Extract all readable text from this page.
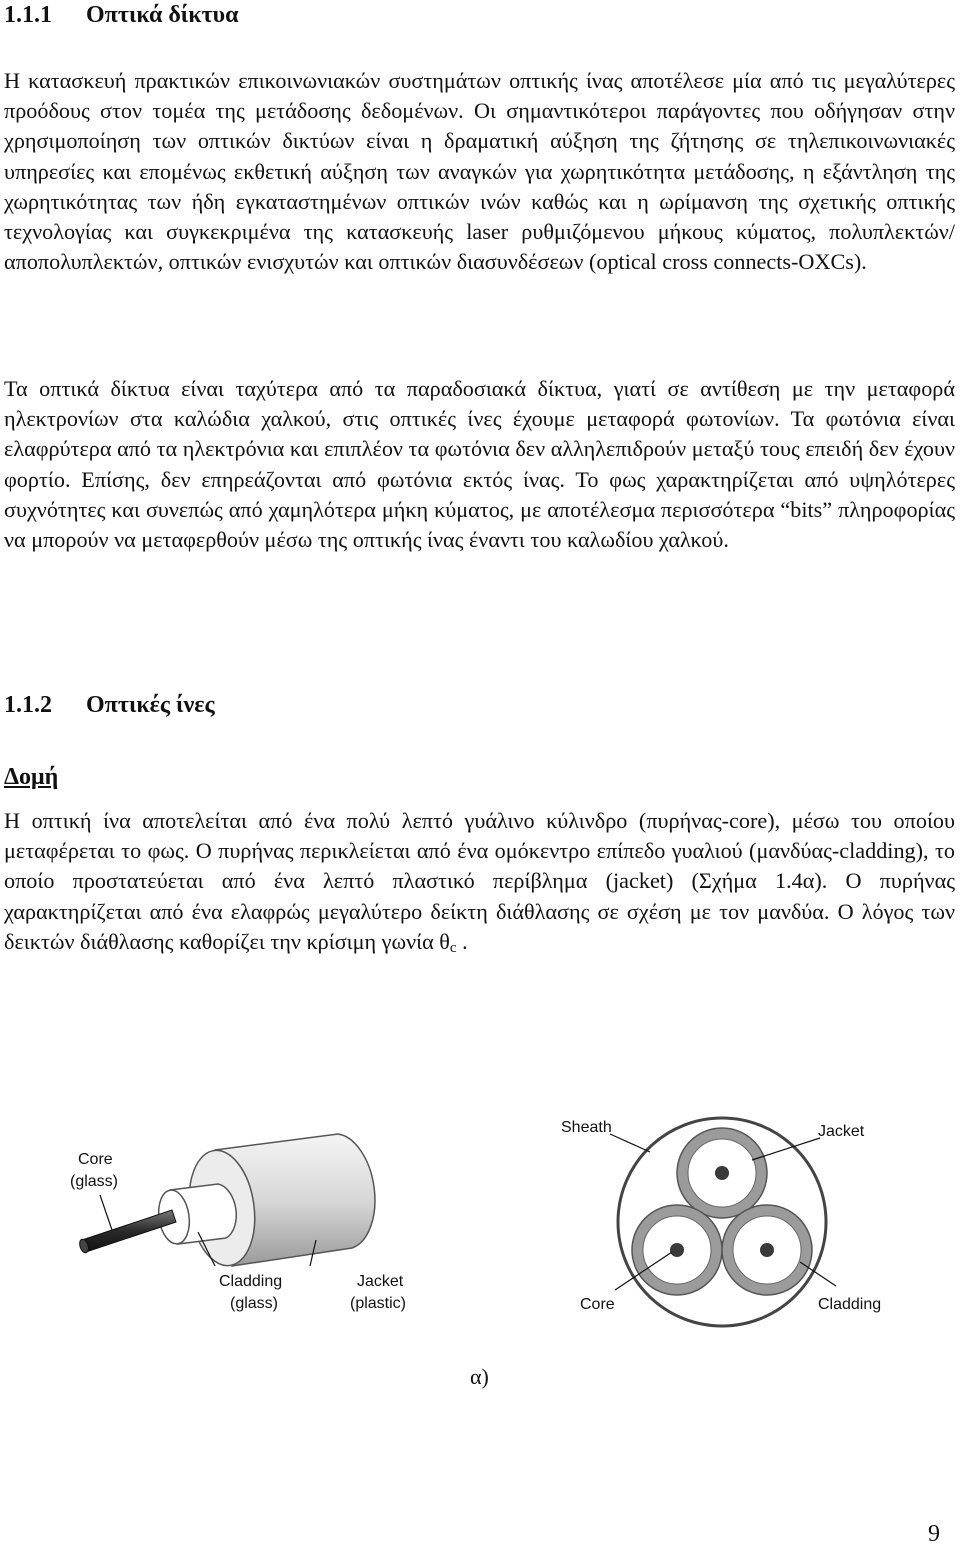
1.1.1 Οπτικά δίκτυα

Η κατασκευή πρακτικών επικοινωνιακών συστημάτων οπτικής ίνας αποτέλεσε μία από τις μεγαλύτερες προόδους στον τομέα της μετάδοσης δεδομένων. Οι σημαντικότεροι παράγοντες που οδήγησαν στην χρησιμοποίηση των οπτικών δικτύων είναι η δραματική αύξηση της ζήτησης σε τηλεπικοινωνιακές υπηρεσίες και επομένως εκθετική αύξηση των αναγκών για χωρητικότητα μετάδοσης, η εξάντληση της χωρητικότητας των ήδη εγκαταστημένων οπτικών ινών καθώς και η ωρίμανση της σχετικής οπτικής τεχνολογίας και συγκεκριμένα της κατασκευής laser ρυθμιζόμενου μήκους κύματος, πολυπλεκτών/αποπολυπλεκτών, οπτικών ενισχυτών και οπτικών διασυνδέσεων (optical cross connects-OXCs).

Τα οπτικά δίκτυα είναι ταχύτερα από τα παραδοσιακά δίκτυα, γιατί σε αντίθεση με την μεταφορά ηλεκτρονίων στα καλώδια χαλκού, στις οπτικές ίνες έχουμε μεταφορά φωτονίων. Τα φωτόνια είναι ελαφρύτερα από τα ηλεκτρόνια και επιπλέον τα φωτόνια δεν αλληλεπιδρούν μεταξύ τους επειδή δεν έχουν φορτίο. Επίσης, δεν επηρεάζονται από φωτόνια εκτός ίνας. Το φως χαρακτηρίζεται από υψηλότερες συχνότητες και συνεπώς από χαμηλότερα μήκη κύματος, με αποτέλεσμα περισσότερα “bits” πληροφορίας να μπορούν να μεταφερθούν μέσω της οπτικής ίνας έναντι του καλωδίου χαλκού.

1.1.2 Οπτικές ίνες
Δομή

Η οπτική ίνα αποτελείται από ένα πολύ λεπτό γυάλινο κύλινδρο (πυρήνας-core), μέσω του οποίου μεταφέρεται το φως. Ο πυρήνας περικλείεται από ένα ομόκεντρο επίπεδο γυαλιού (μανδύας-cladding), το οποίο προστατεύεται από ένα λεπτό πλαστικό περίβλημα (jacket) (Σχήμα 1.4α). Ο πυρήνας χαρακτηρίζεται από ένα ελαφρώς μεγαλύτερο δείκτη διάθλασης σε σχέση με τον μανδύα. Ο λόγος των δεικτών διάθλασης καθορίζει την κρίσιμη γωνία $\theta_c$ .

Core
(glass)
Cladding
(glass)
Jacket
(plastic)
Sheath	Jacket
Core	Cladding
α)
9
